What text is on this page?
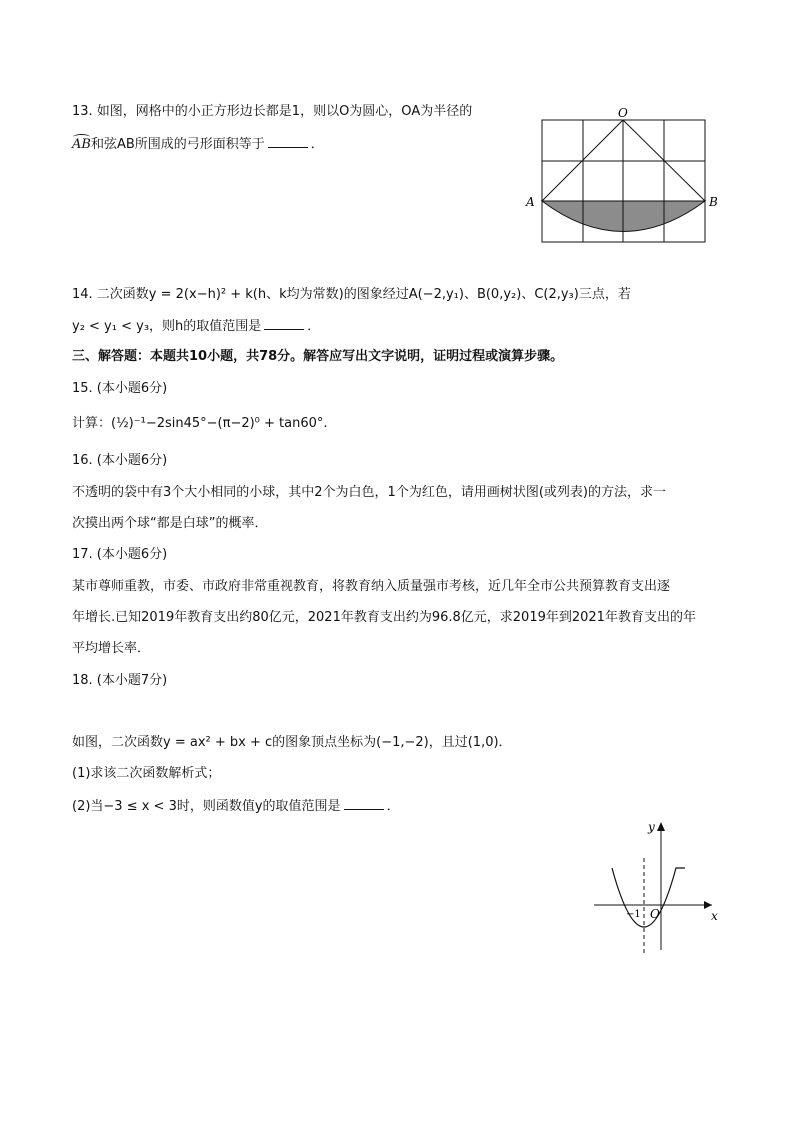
13. 如图，网格中的小正方形边长都是1，则以O为圆心，OA为半径的
AB和弦AB所围成的弓形面积等于	．
O
A	B
14. 二次函数y = 2(x−h)² + k(h、k均为常数)的图象经过A(−2,y₁)、B(0,y₂)、C(2,y₃)三点，若
y₂ < y₁ < y₃，则h的取值范围是	．
三、解答题：本题共10小题，共78分。解答应写出文字说明，证明过程或演算步骤。
15. (本小题6分)
计算：(½)⁻¹−2sin45°−(π−2)⁰ + tan60°.
16. (本小题6分)
不透明的袋中有3个大小相同的小球，其中2个为白色，1个为红色，请用画树状图(或列表)的方法，求一
次摸出两个球“都是白球”的概率．
17. (本小题6分)
某市尊师重教，市委、市政府非常重视教育，将教育纳入质量强市考核，近几年全市公共预算教育支出逐
年增长.已知2019年教育支出约80亿元，2021年教育支出约为96.8亿元，求2019年到2021年教育支出的年
平均增长率．
18. (本小题7分)
如图，二次函数y = ax² + bx + c的图象顶点坐标为(−1,−2)，且过(1,0)．
(1)求该二次函数解析式；
(2)当−3 ≤ x < 3时，则函数值y的取值范围是	．
y
x
O
−1
